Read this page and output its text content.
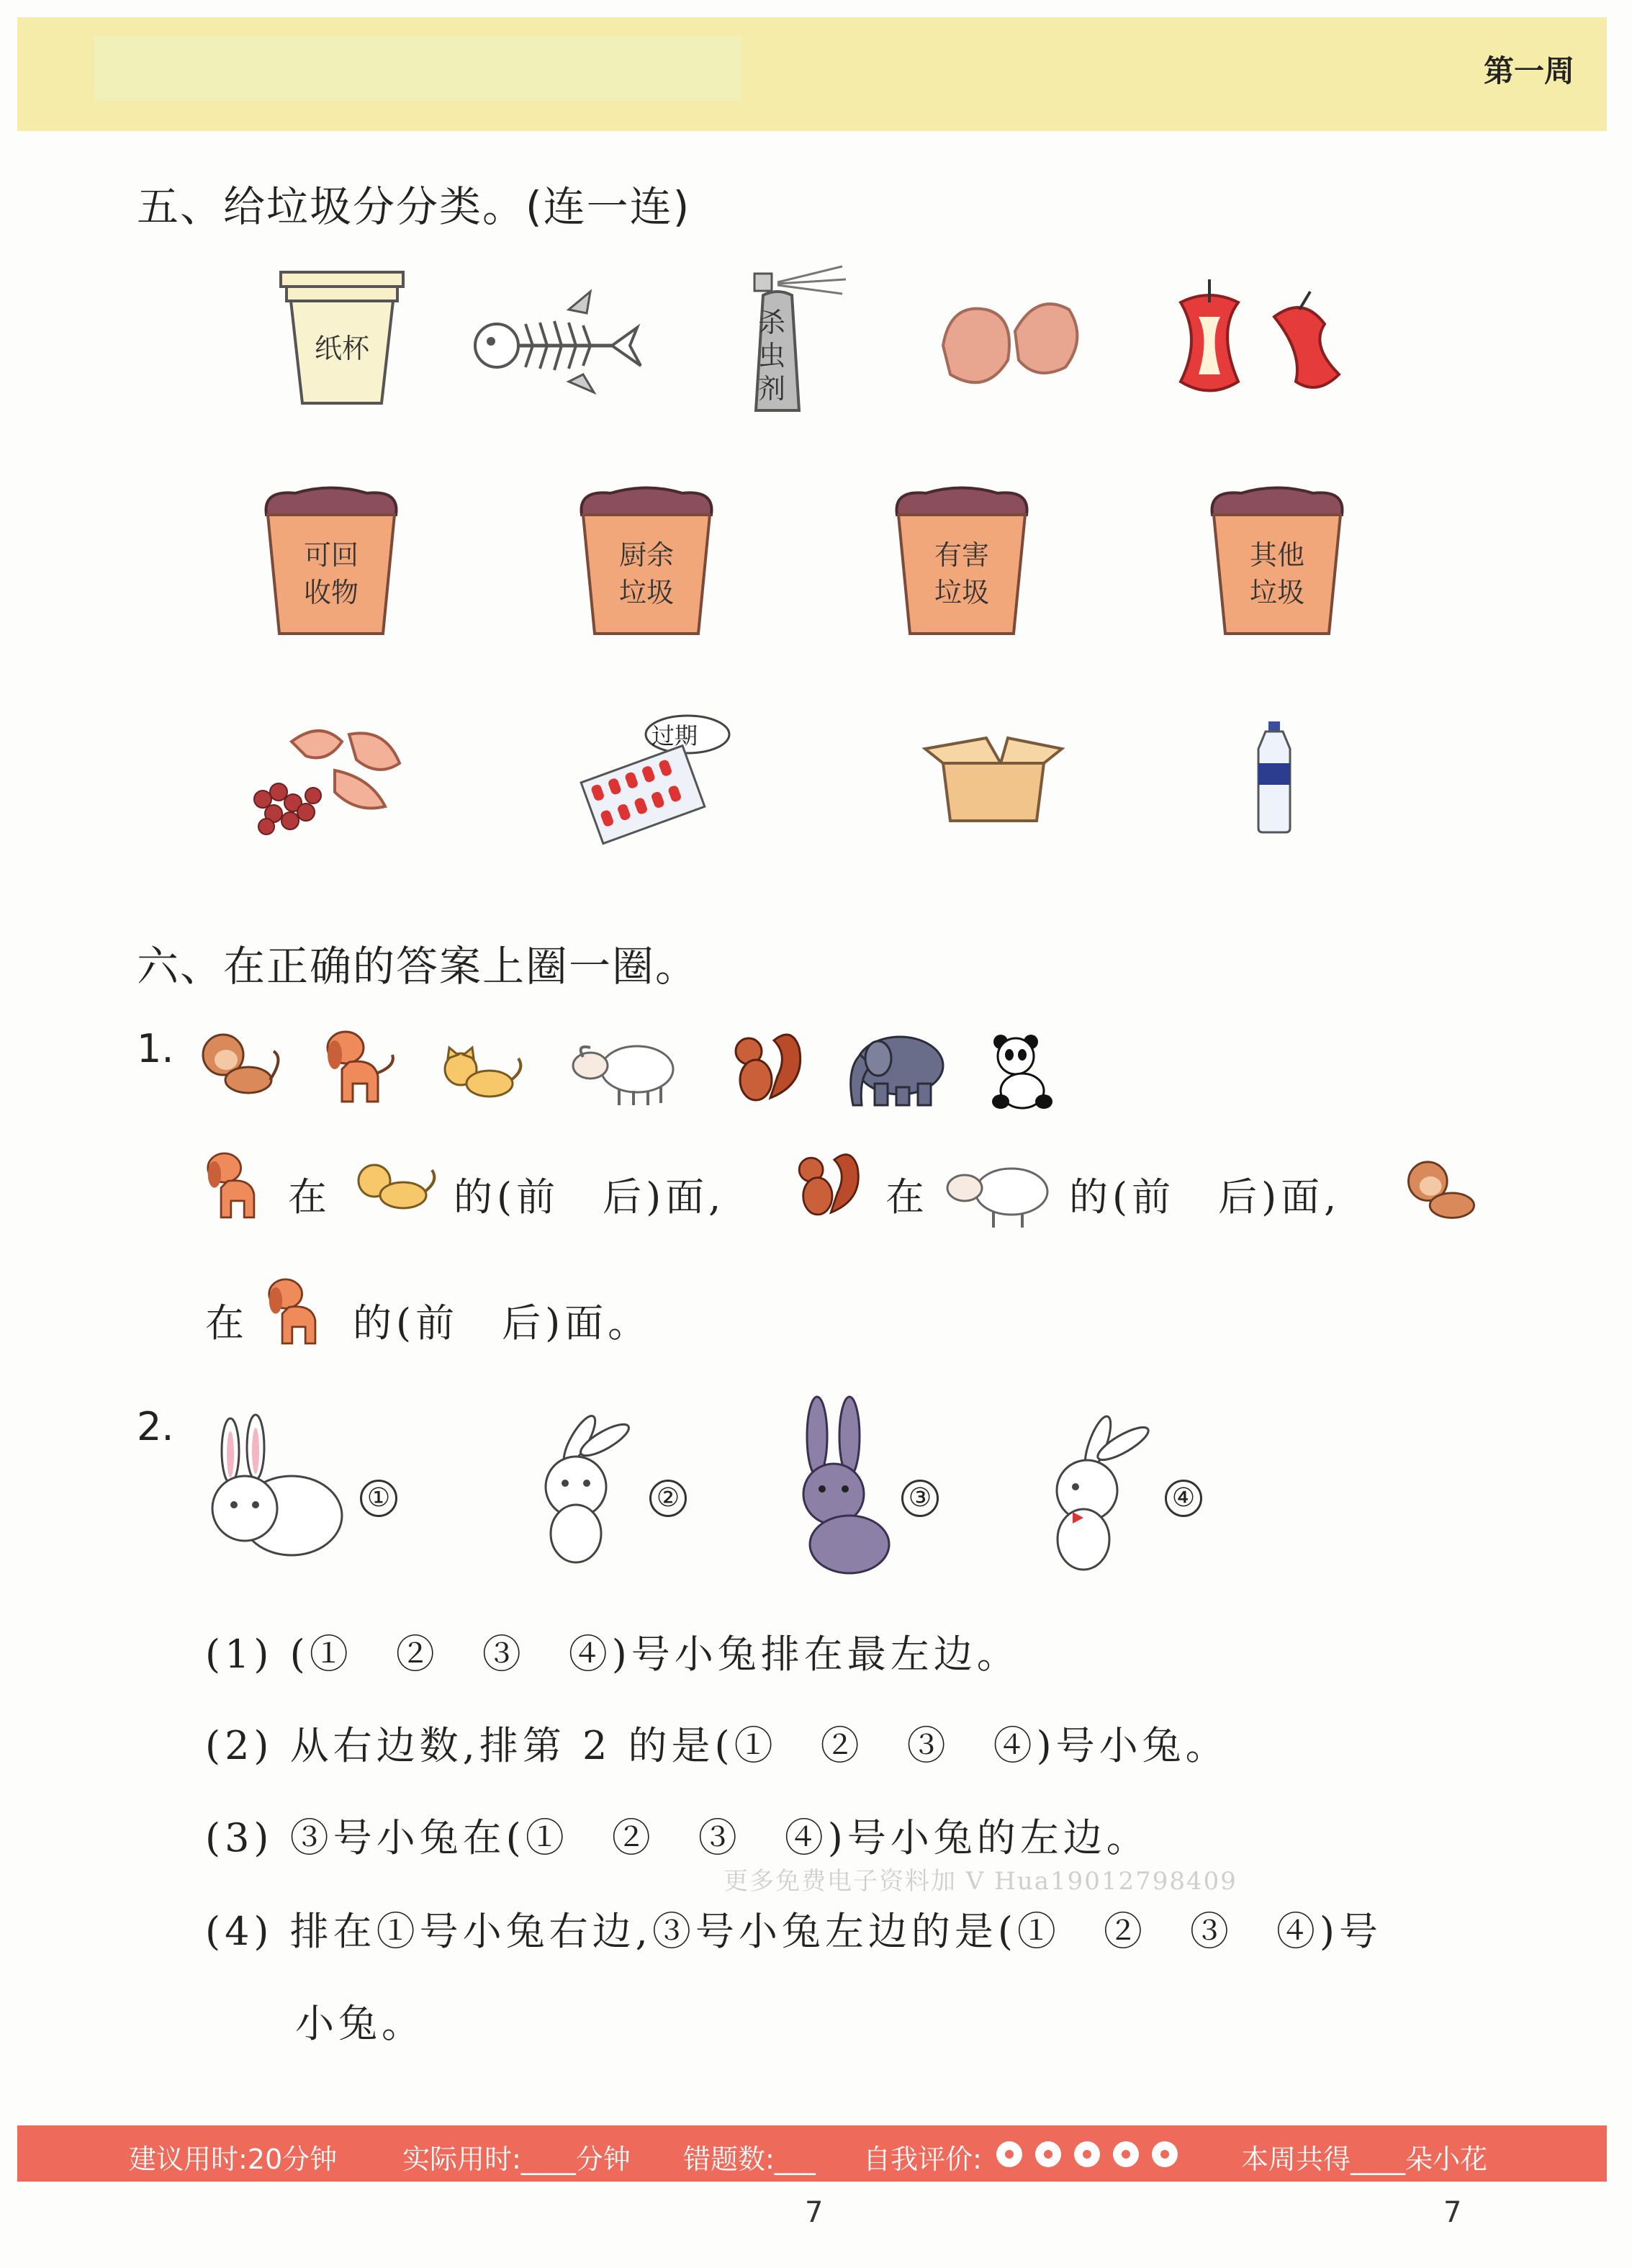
第一周
五、给垃圾分分类。(连一连)
纸杯
杀虫剂
可回
收物
厨余
垃圾
有害
垃圾
其他
垃圾
过期
六、在正确的答案上圈一圈。
1.
在	的(前　后)面,	在	的(前　后)面,
在	的(前　后)面。
2.
①	②	③	④
(1) (①　②　③　④)号小兔排在最左边。
(2) 从右边数,排第 2 的是(①　②　③　④)号小兔。
(3) ③号小兔在(①　②　③　④)号小兔的左边。
更多免费电子资料加 V Hua19012798409
(4) 排在①号小兔右边,③号小兔左边的是(①　②　③　④)号
小兔。
建议用时:20分钟 实际用时:____分钟 错题数:___ 自我评价:	本周共得____朵小花
7	7
